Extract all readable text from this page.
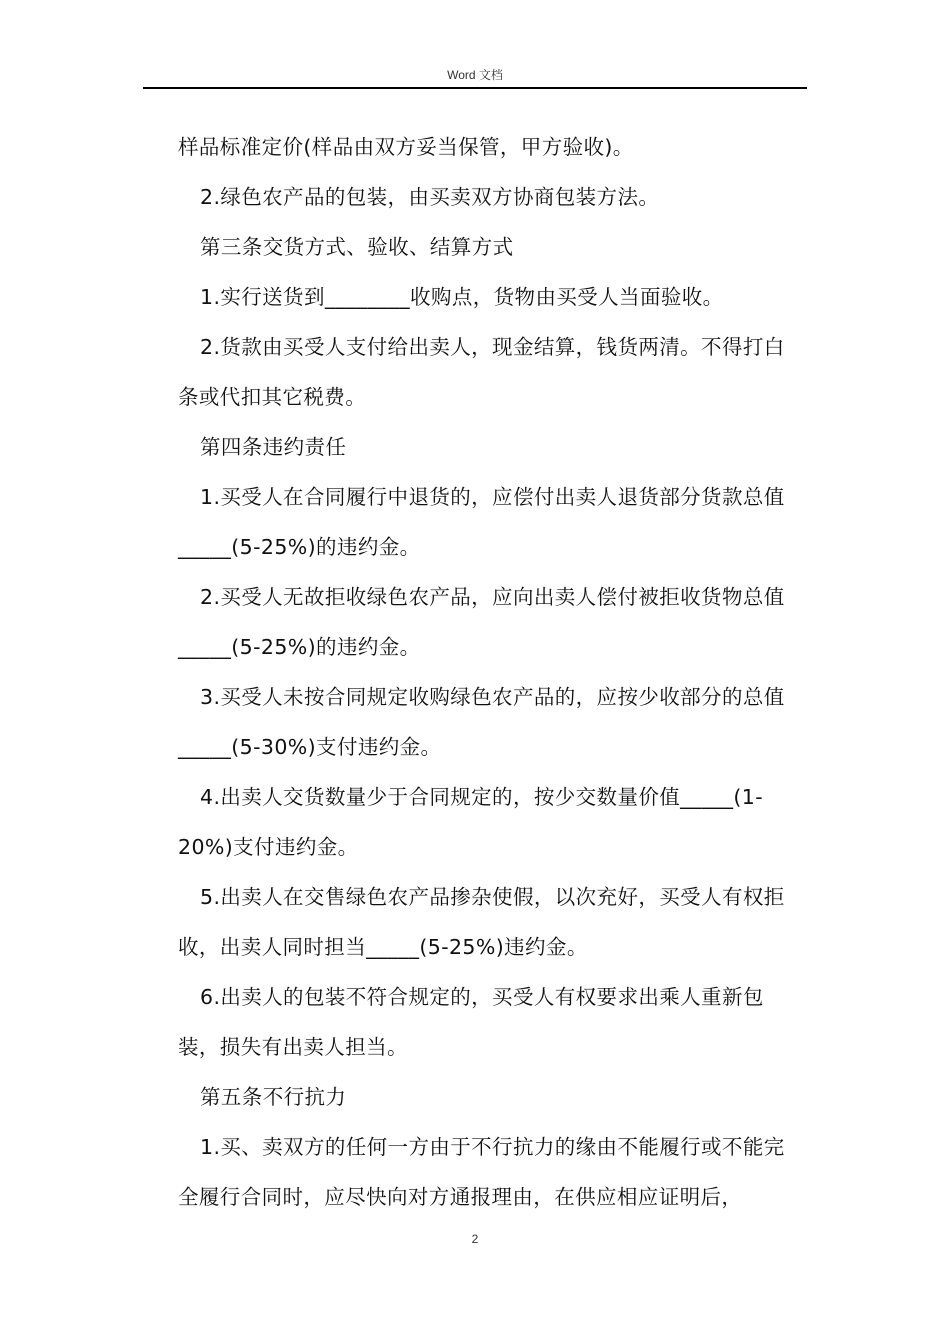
Word 文档

样品标准定价(样品由双方妥当保管，甲方验收)。

2.绿色农产品的包装，由买卖双方协商包装方法。

第三条交货方式、验收、结算方式

1.实行送货到________收购点，货物由买受人当面验收。

2.货款由买受人支付给出卖人，现金结算，钱货两清。不得打白条或代扣其它税费。

第四条违约责任

1.买受人在合同履行中退货的，应偿付出卖人退货部分货款总值_____(5-25%)的违约金。

2.买受人无故拒收绿色农产品，应向出卖人偿付被拒收货物总值_____(5-25%)的违约金。

3.买受人未按合同规定收购绿色农产品的，应按少收部分的总值_____(5-30%)支付违约金。

4.出卖人交货数量少于合同规定的，按少交数量价值_____(1-20%)支付违约金。

5.出卖人在交售绿色农产品掺杂使假，以次充好，买受人有权拒收，出卖人同时担当_____(5-25%)违约金。

6.出卖人的包装不符合规定的，买受人有权要求出乘人重新包装，损失有出卖人担当。

第五条不行抗力

1.买、卖双方的任何一方由于不行抗力的缘由不能履行或不能完全履行合同时，应尽快向对方通报理由，在供应相应证明后，

2
